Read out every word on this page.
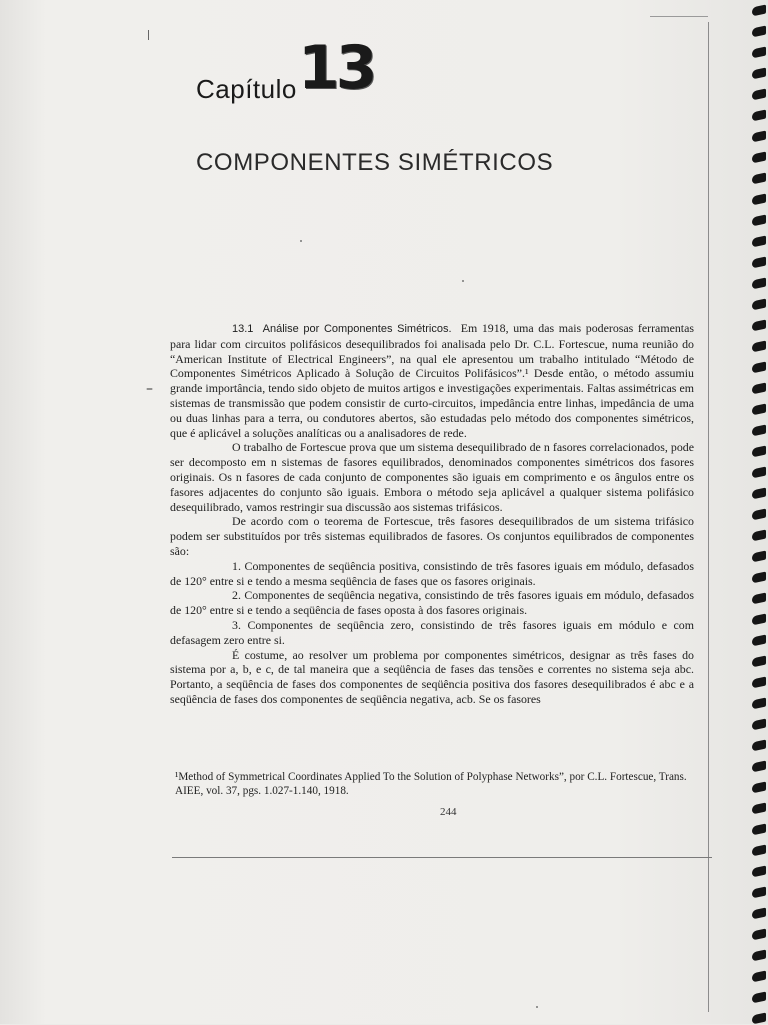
Capítulo 13
COMPONENTES SIMÉTRICOS
–

13.1 Análise por Componentes Simétricos. Em 1918, uma das mais poderosas ferramentas para lidar com circuitos polifásicos desequilibrados foi analisada pelo Dr. C.L. Fortescue, numa reunião do “American Institute of Electrical Engineers”, na qual ele apresentou um trabalho intitulado “Método de Componentes Simétricos Aplicado à Solução de Circuitos Polifásicos”.¹ Desde então, o método assumiu grande importância, tendo sido objeto de muitos artigos e investigações experimentais. Faltas assimétricas em sistemas de transmissão que podem consistir de curto-circuitos, impedância entre linhas, impedância de uma ou duas linhas para a terra, ou condutores abertos, são estudadas pelo método dos componentes simétricos, que é aplicável a soluções analíticas ou a analisadores de rede.

O trabalho de Fortescue prova que um sistema desequilibrado de n fasores correlacionados, pode ser decomposto em n sistemas de fasores equilibrados, denominados componentes simétricos dos fasores originais. Os n fasores de cada conjunto de componentes são iguais em comprimento e os ângulos entre os fasores adjacentes do conjunto são iguais. Embora o método seja aplicável a qualquer sistema polifásico desequilibrado, vamos restringir sua discussão aos sistemas trifásicos.

De acordo com o teorema de Fortescue, três fasores desequilibrados de um sistema trifásico podem ser substituídos por três sistemas equilibrados de fasores. Os conjuntos equilibrados de componentes são:

1. Componentes de seqüência positiva, consistindo de três fasores iguais em módulo, defasados de 120° entre si e tendo a mesma seqüência de fases que os fasores originais.

2. Componentes de seqüência negativa, consistindo de três fasores iguais em módulo, defasados de 120° entre si e tendo a seqüência de fases oposta à dos fasores originais.

3. Componentes de seqüência zero, consistindo de três fasores iguais em módulo e com defasagem zero entre si.

É costume, ao resolver um problema por componentes simétricos, designar as três fases do sistema por a, b, e c, de tal maneira que a seqüência de fases das tensões e correntes no sistema seja abc. Portanto, a seqüência de fases dos componentes de seqüência positiva dos fasores desequilibrados é abc e a seqüência de fases dos componentes de seqüência negativa, acb. Se os fasores

¹Method of Symmetrical Coordinates Applied To the Solution of Polyphase Networks”, por C.L. Fortescue, Trans. AIEE, vol. 37, pgs. 1.027-1.140, 1918.

244
